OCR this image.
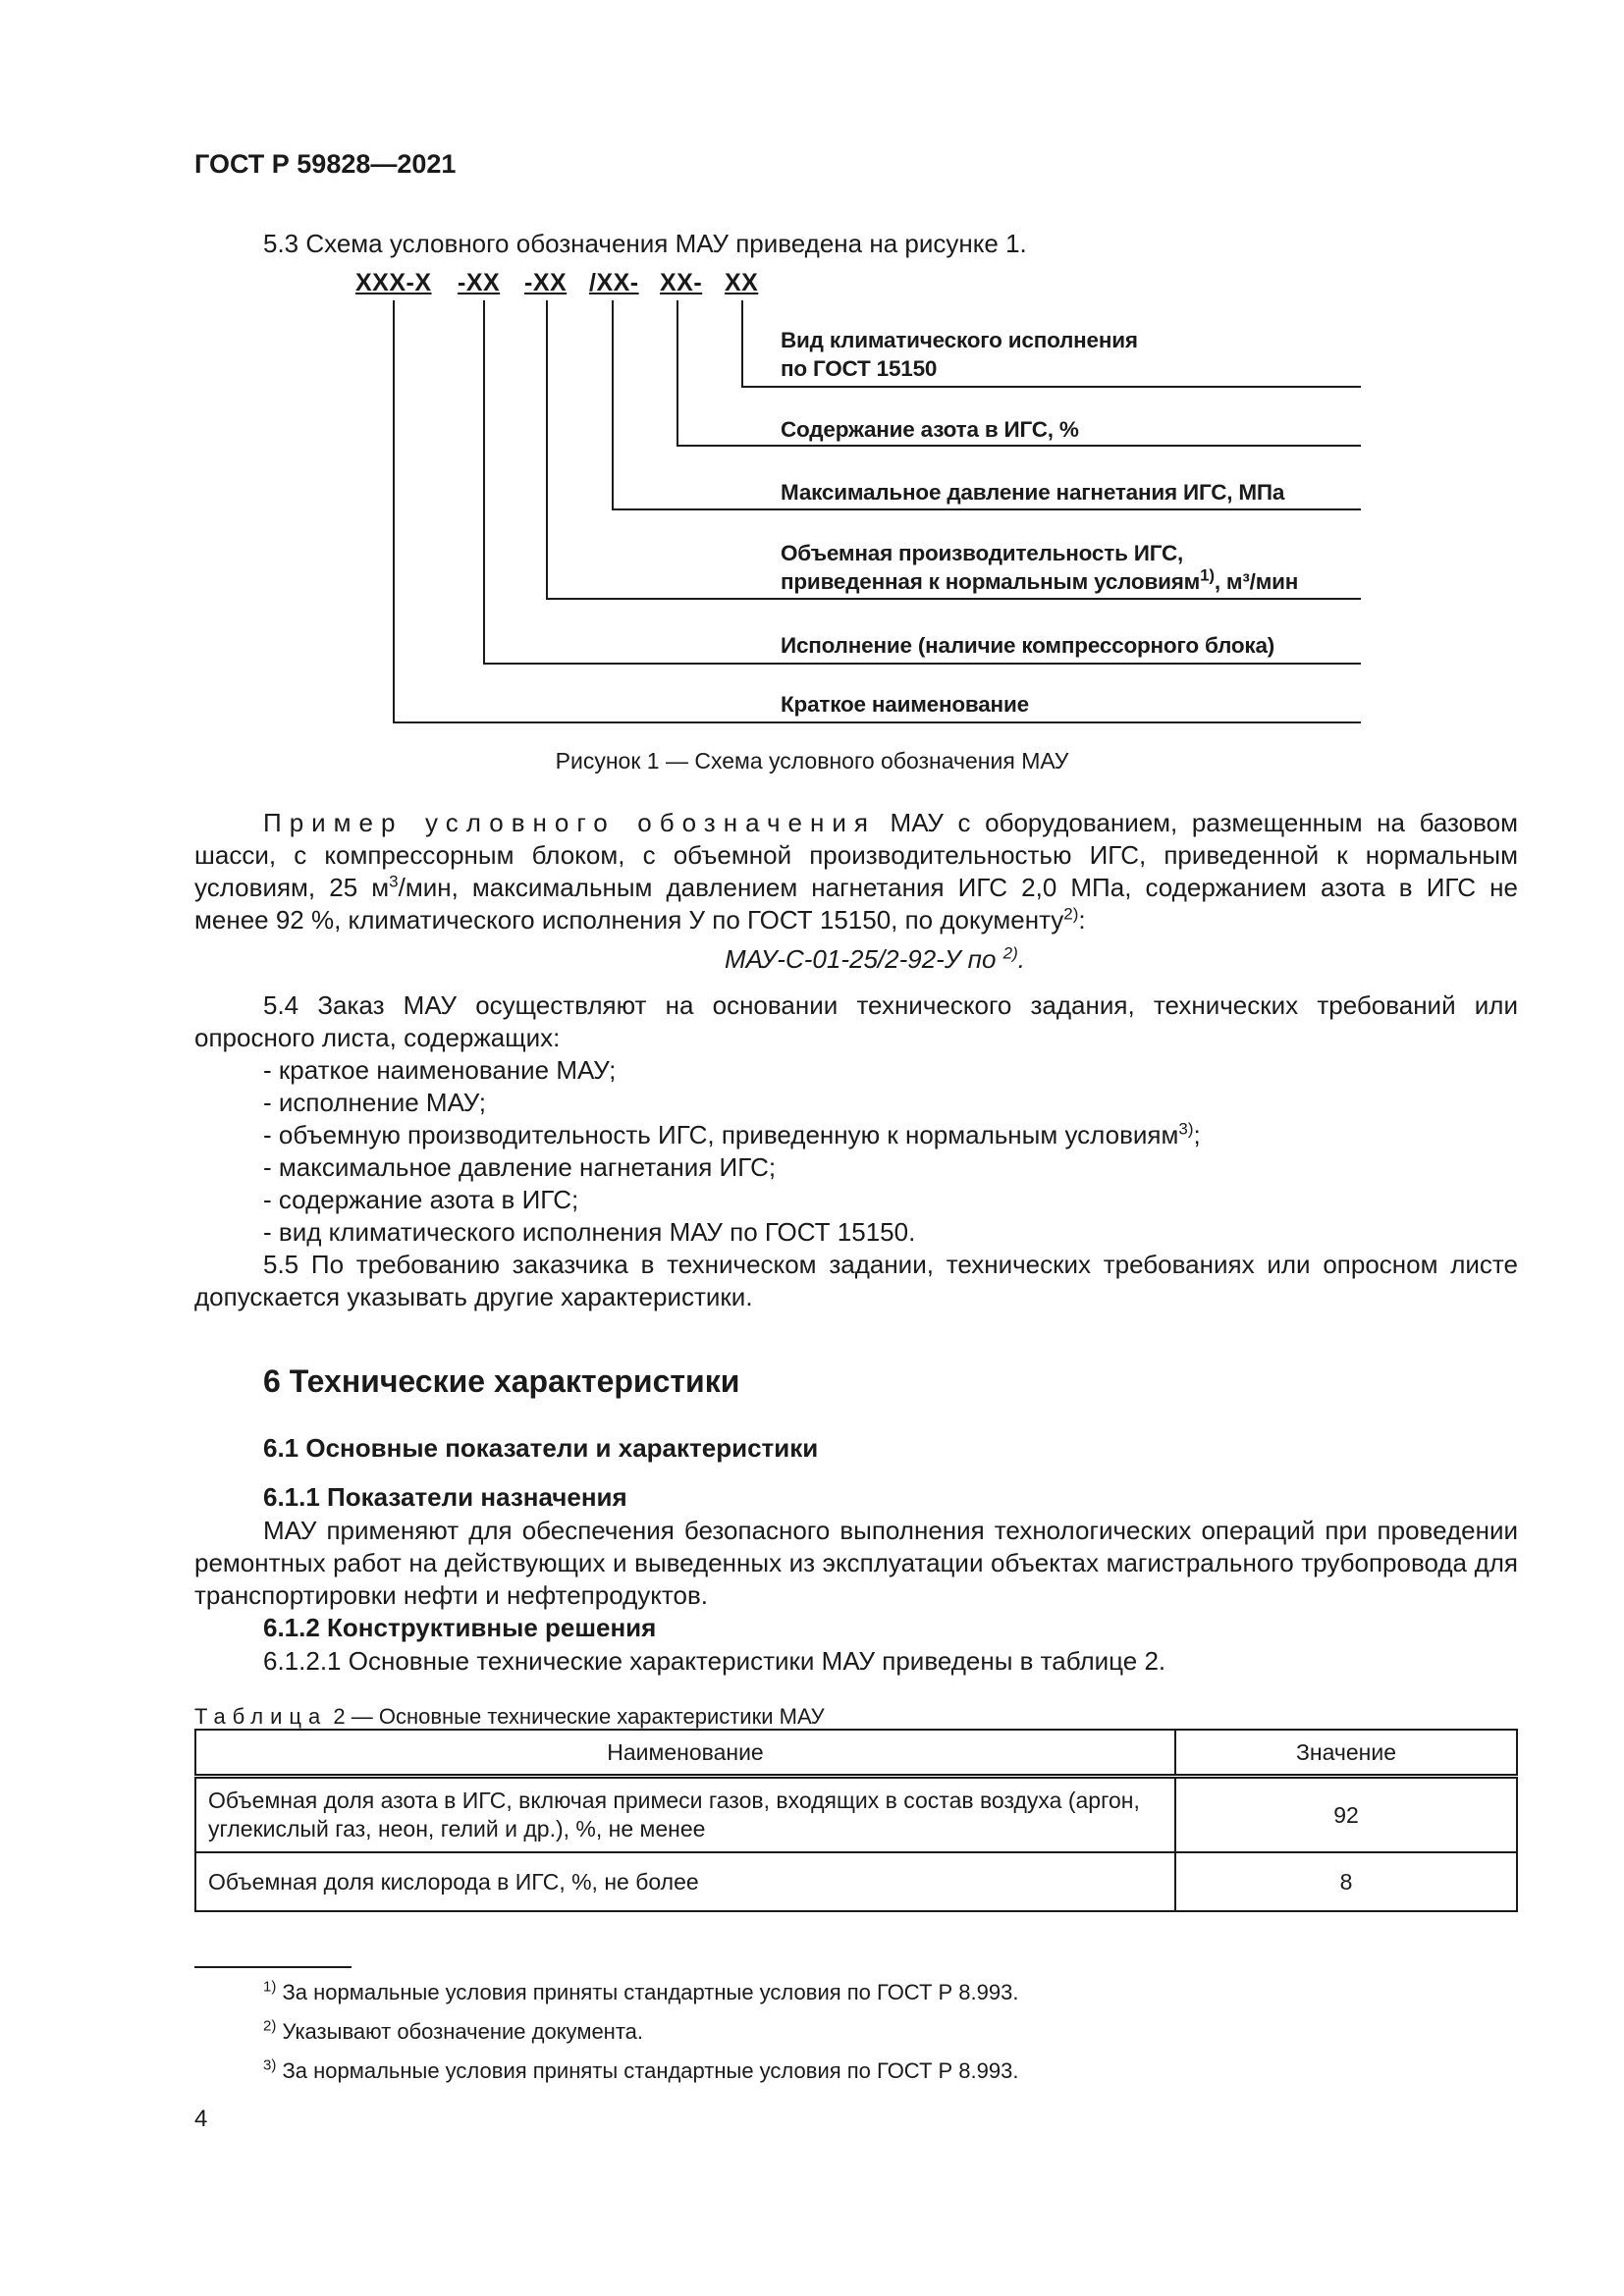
ГОСТ Р 59828—2021
5.3 Схема условного обозначения МАУ приведена на рисунке 1.
XXX-X -XX -XX /XX- XX- XX
Вид климатического исполнения
по ГОСТ 15150
Содержание азота в ИГС, %
Максимальное давление нагнетания ИГС, МПа
Объемная производительность ИГС,
приведенная к нормальным условиям$^{1)}$, м³/мин
Исполнение (наличие компрессорного блока)
Краткое наименование
Рисунок 1 — Схема условного обозначения МАУ
Пример условного обозначения МАУ с оборудованием, размещенным на базовом
шасси, с компрессорным блоком, с объемной производительностью ИГС, приведенной к нормальным
условиям, 25 $м^3$/мин, максимальным давлением нагнетания ИГС 2,0 МПа, содержанием азота в ИГС не
менее 92 %, климатического исполнения У по ГОСТ 15150, по документу$^{2)}$:
МАУ-С-01-25/2-92-У по $^{2)}$.
5.4 Заказ МАУ осуществляют на основании технического задания, технических требований или опросного листа, содержащих:
- краткое наименование МАУ;
- исполнение МАУ;
- объемную производительность ИГС, приведенную к нормальным условиям$^{3)}$;
- максимальное давление нагнетания ИГС;
- содержание азота в ИГС;
- вид климатического исполнения МАУ по ГОСТ 15150.
5.5 По требованию заказчика в техническом задании, технических требованиях или опросном листе допускается указывать другие характеристики.
6 Технические характеристики
6.1 Основные показатели и характеристики
6.1.1 Показатели назначения
МАУ применяют для обеспечения безопасного выполнения технологических операций при проведении ремонтных работ на действующих и выведенных из эксплуатации объектах магистрального трубопровода для транспортировки нефти и нефтепродуктов.
6.1.2 Конструктивные решения
6.1.2.1 Основные технические характеристики МАУ приведены в таблице 2.
Таблица 2 — Основные технические характеристики МАУ
Наименование	Значение
Объемная доля азота в ИГС, включая примеси газов, входящих в состав воздуха (аргон, углекислый газ, неон, гелий и др.), %, не менее	92
Объемная доля кислорода в ИГС, %, не более	8
$^{1)}$ За нормальные условия приняты стандартные условия по ГОСТ Р 8.993.
$^{2)}$ Указывают обозначение документа.
$^{3)}$ За нормальные условия приняты стандартные условия по ГОСТ Р 8.993.
4
